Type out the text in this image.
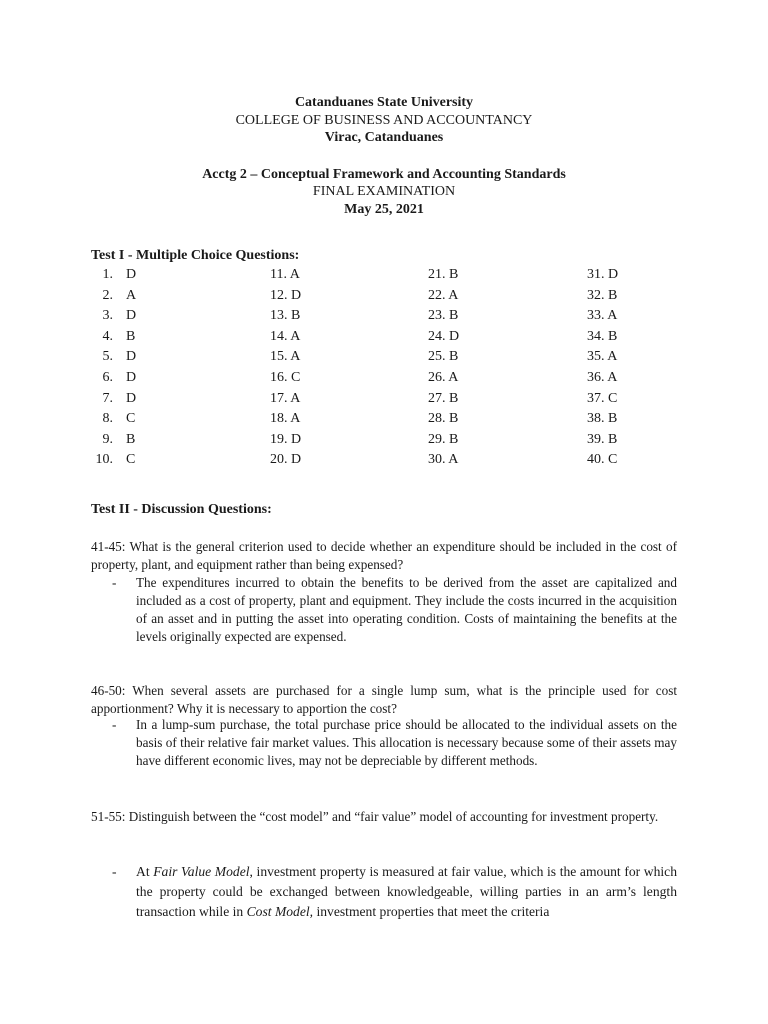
Catanduanes State University
COLLEGE OF BUSINESS AND ACCOUNTANCY
Virac, Catanduanes
Acctg 2 – Conceptual Framework and Accounting Standards
FINAL EXAMINATION
May 25, 2021
Test I - Multiple Choice Questions:
1. D
2. A
3. D
4. B
5. D
6. D
7. D
8. C
9. B
10. C
11. A
12. D
13. B
14. A
15. A
16. C
17. A
18. A
19. D
20. D
21. B
22. A
23. B
24. D
25. B
26. A
27. B
28. B
29. B
30. A
31. D
32. B
33. A
34. B
35. A
36. A
37. C
38. B
39. B
40. C
Test II - Discussion Questions:
41-45: What is the general criterion used to decide whether an expenditure should be included in the cost of property, plant, and equipment rather than being expensed?
- The expenditures incurred to obtain the benefits to be derived from the asset are capitalized and included as a cost of property, plant and equipment. They include the costs incurred in the acquisition of an asset and in putting the asset into operating condition. Costs of maintaining the benefits at the levels originally expected are expensed.
46-50: When several assets are purchased for a single lump sum, what is the principle used for cost apportionment? Why it is necessary to apportion the cost?
- In a lump-sum purchase, the total purchase price should be allocated to the individual assets on the basis of their relative fair market values. This allocation is necessary because some of their assets may have different economic lives, may not be depreciable by different methods.
51-55: Distinguish between the “cost model” and “fair value” model of accounting for investment property.
- At Fair Value Model, investment property is measured at fair value, which is the amount for which the property could be exchanged between knowledgeable, willing parties in an arm’s length transaction while in Cost Model, investment properties that meet the criteria
